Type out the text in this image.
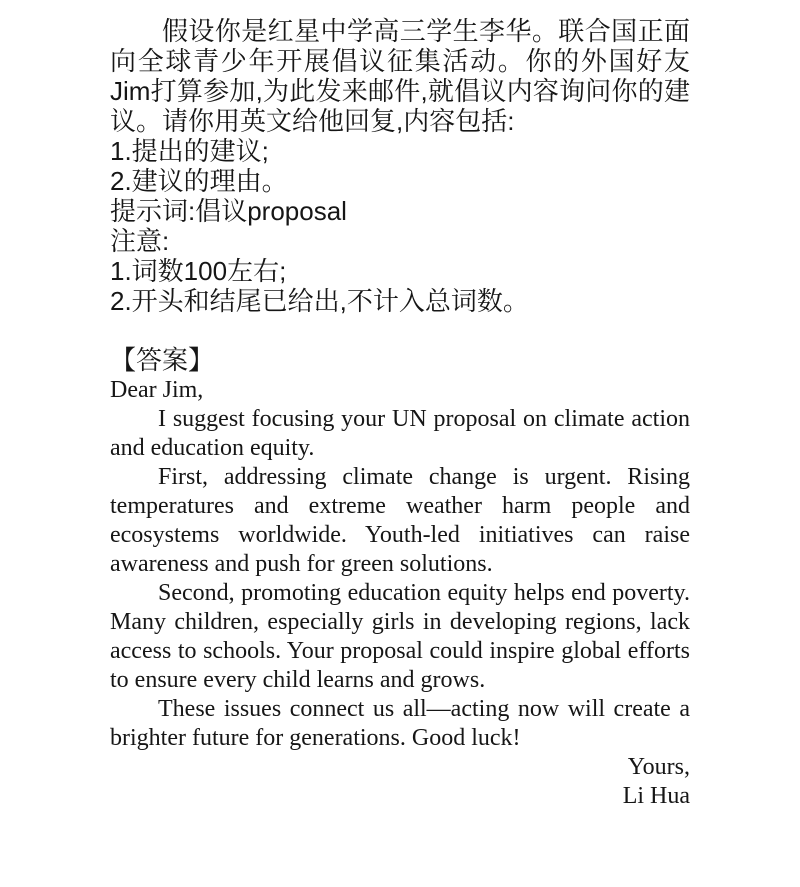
假设你是红星中学高三学生李华。联合国正面向全球青少年开展倡议征集活动。你的外国好友Jim打算参加,为此发来邮件,就倡议内容询问你的建议。请你用英文给他回复,内容包括:

1.提出的建议;

2.建议的理由。

提示词:倡议proposal

注意:

1.词数100左右;

2.开头和结尾已给出,不计入总词数。

【答案】

Dear Jim,

I suggest focusing your UN proposal on climate action and education equity.

First, addressing climate change is urgent. Rising temperatures and extreme weather harm people and ecosystems worldwide. Youth-led initiatives can raise awareness and push for green solutions.

Second, promoting education equity helps end poverty. Many children, especially girls in developing regions, lack access to schools. Your proposal could inspire global efforts to ensure every child learns and grows.

These issues connect us all—acting now will create a brighter future for generations. Good luck!

Yours,

Li Hua
